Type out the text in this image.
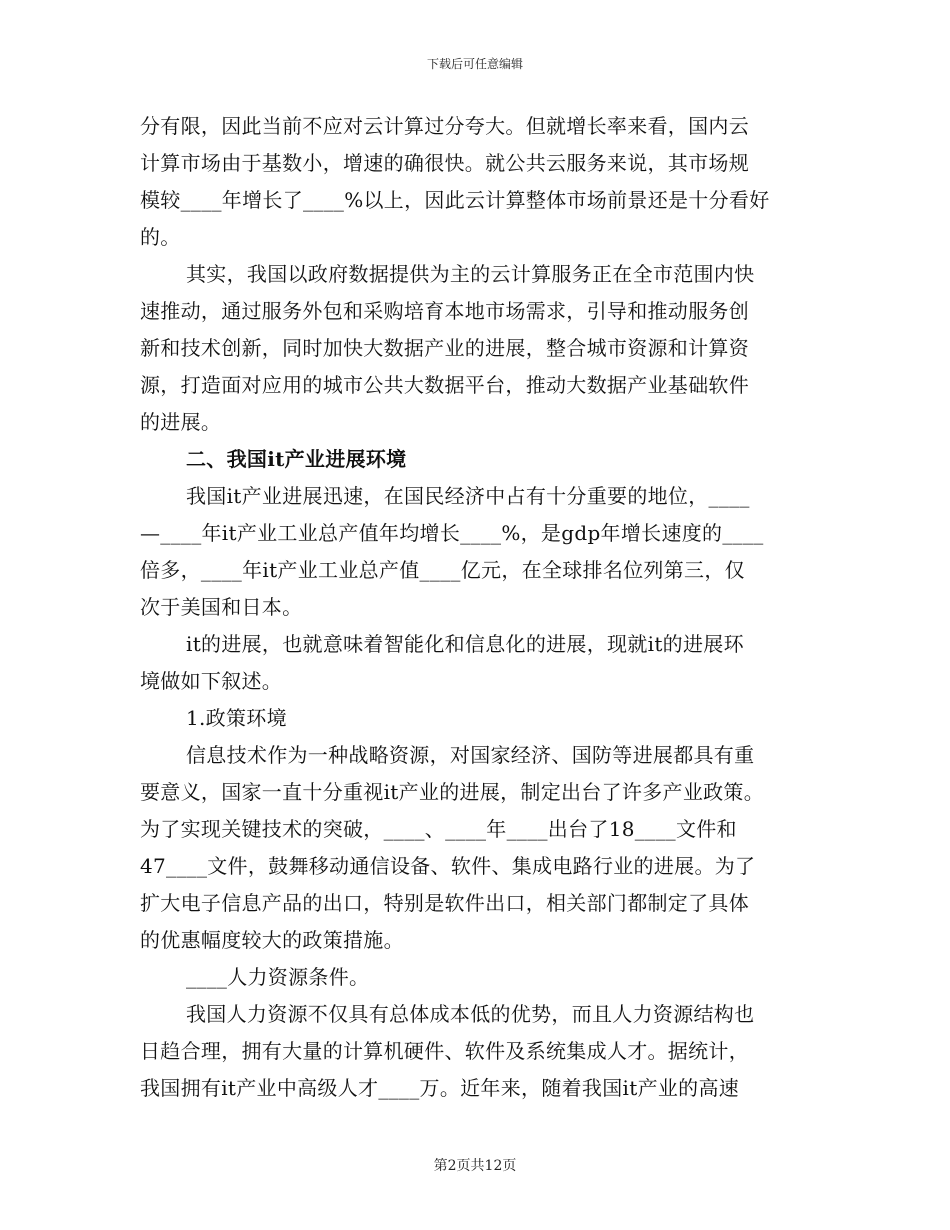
下载后可任意编辑
分有限，因此当前不应对云计算过分夸大。但就增长率来看，国内云
计算市场由于基数小，增速的确很快。就公共云服务来说，其市场规
模较____年增长了____%以上，因此云计算整体市场前景还是十分看好
的。
其实，我国以政府数据提供为主的云计算服务正在全市范围内快
速推动，通过服务外包和采购培育本地市场需求，引导和推动服务创
新和技术创新，同时加快大数据产业的进展，整合城市资源和计算资
源，打造面对应用的城市公共大数据平台，推动大数据产业基础软件
的进展。
二、我国it产业进展环境
我国it产业进展迅速，在国民经济中占有十分重要的地位，____
—____年it产业工业总产值年均增长____%，是gdp年增长速度的____
倍多，____年it产业工业总产值____亿元，在全球排名位列第三，仅
次于美国和日本。
it的进展，也就意味着智能化和信息化的进展，现就it的进展环
境做如下叙述。
1.政策环境
信息技术作为一种战略资源，对国家经济、国防等进展都具有重
要意义，国家一直十分重视it产业的进展，制定出台了许多产业政策。
为了实现关键技术的突破，____、____年____出台了18____文件和
47____文件，鼓舞移动通信设备、软件、集成电路行业的进展。为了
扩大电子信息产品的出口，特别是软件出口，相关部门都制定了具体
的优惠幅度较大的政策措施。
____人力资源条件。
我国人力资源不仅具有总体成本低的优势，而且人力资源结构也
日趋合理，拥有大量的计算机硬件、软件及系统集成人才。据统计，
我国拥有it产业中高级人才____万。近年来，随着我国it产业的高速
第2页共12页
